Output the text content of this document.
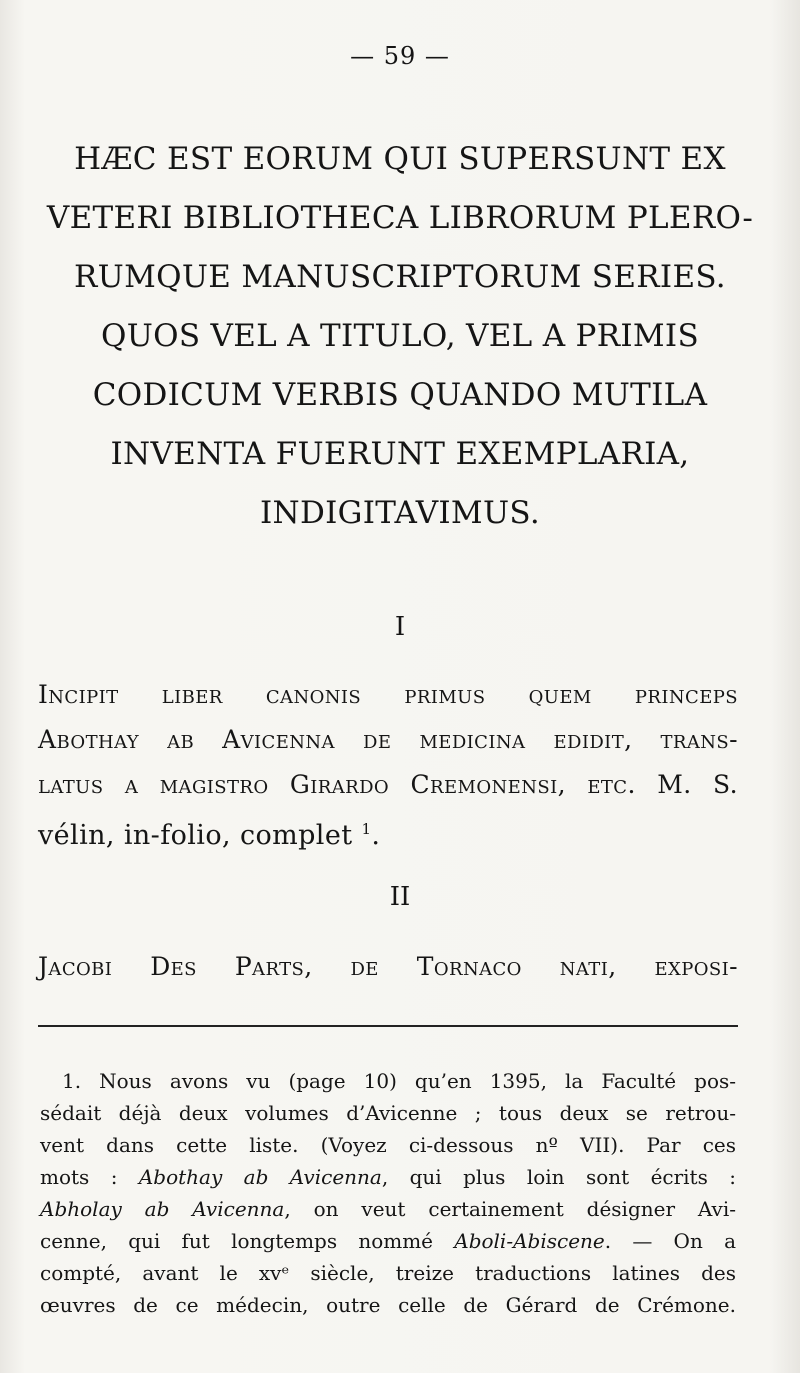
— 59 —
HÆC EST EORUM QUI SUPERSUNT EX
VETERI BIBLIOTHECA LIBRORUM PLERO-
RUMQUE MANUSCRIPTORUM SERIES.
QUOS VEL A TITULO, VEL A PRIMIS
CODICUM VERBIS QUANDO MUTILA
INVENTA FUERUNT EXEMPLARIA,
INDIGITAVIMUS.
I
Incipit liber canonis primus quem princeps
Abothay ab Avicenna de medicina edidit, trans-
latus a magistro Girardo Cremonensi, etc. M. S.
vélin, in-folio, complet $^1$.
II
Jacobi Des Parts, de Tornaco nati, exposi-
1. Nous avons vu (page 10) qu’en 1395, la Faculté pos-
sédait déjà deux volumes d’Avicenne ; tous deux se retrou-
vent dans cette liste. (Voyez ci-dessous nº VII). Par ces
mots : Abothay ab Avicenna, qui plus loin sont écrits :
Abholay ab Avicenna, on veut certainement désigner Avi-
cenne, qui fut longtemps nommé Aboli-Abiscene. — On a
compté, avant le xvᵉ siècle, treize traductions latines des
œuvres de ce médecin, outre celle de Gérard de Crémone.
